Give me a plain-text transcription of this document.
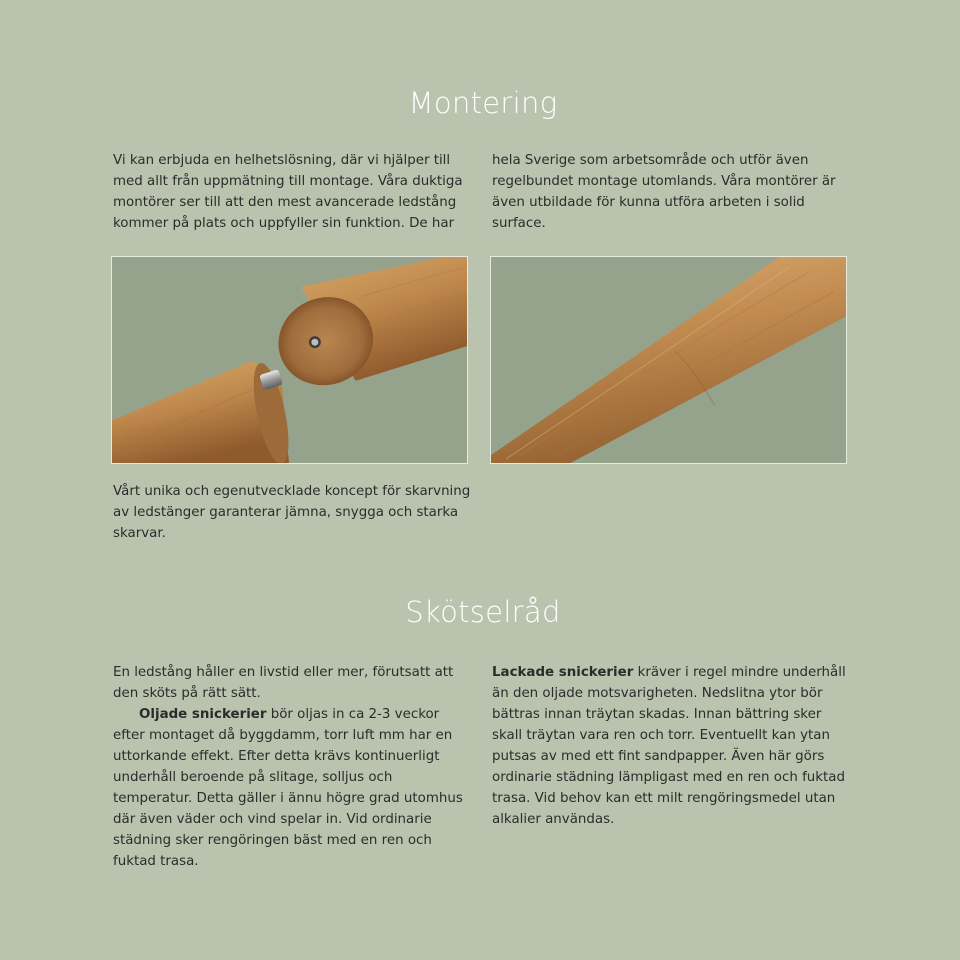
Montering

Vi kan erbjuda en helhetslösning, där vi hjälper till med allt från uppmätning till montage. Våra duktiga montörer ser till att den mest avancerade ledstång kommer på plats och uppfyller sin funktion. De har

hela Sverige som arbetsområde och utför även regelbundet montage utomlands. Våra montörer är även utbildade för kunna utföra arbeten i solid surface.

Vårt unika och egenutvecklade koncept för skarvning av ledstänger garanterar jämna, snygga och starka skarvar.

Skötselråd

En ledstång håller en livstid eller mer, förutsatt att den sköts på rätt sätt.

Oljade snickerier bör oljas in ca 2-3 veckor efter montaget då byggdamm, torr luft mm har en uttorkande effekt. Efter detta krävs kontinuerligt underhåll beroende på slitage, solljus och temperatur. Detta gäller i ännu högre grad utomhus där även väder och vind spelar in. Vid ordinarie städning sker rengöringen bäst med en ren och fuktad trasa.

Lackade snickerier kräver i regel mindre underhåll än den oljade motsvarigheten. Nedslitna ytor bör bättras innan träytan skadas. Innan bättring sker skall träytan vara ren och torr. Eventuellt kan ytan putsas av med ett fint sandpapper. Även här görs ordinarie städning lämpligast med en ren och fuktad trasa. Vid behov kan ett milt rengöringsmedel utan alkalier användas.
